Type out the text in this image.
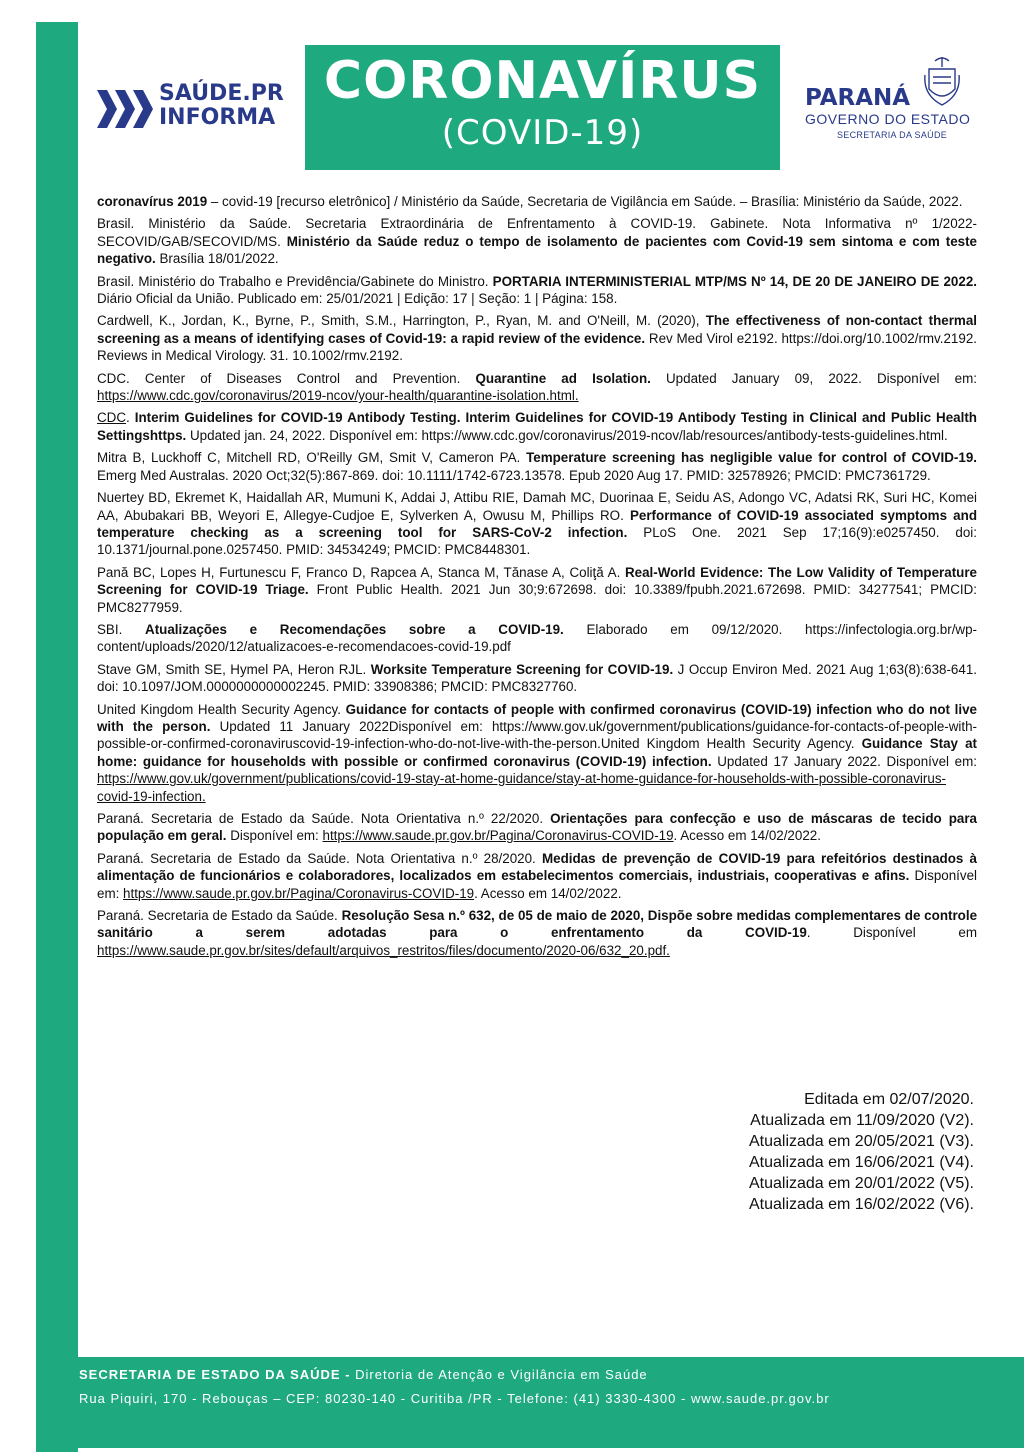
SAÚDE.PR
INFORMA
CORONAVÍRUS
(COVID-19)
PARANÁ
GOVERNO DO ESTADO
SECRETARIA DA SAÚDE

coronavírus 2019 – covid-19 [recurso eletrônico] / Ministério da Saúde, Secretaria de Vigilância em Saúde. – Brasília: Ministério da Saúde, 2022.

Brasil. Ministério da Saúde. Secretaria Extraordinária de Enfrentamento à COVID-19. Gabinete. Nota Informativa nº 1/2022-SECOVID/GAB/SECOVID/MS. Ministério da Saúde reduz o tempo de isolamento de pacientes com Covid-19 sem sintoma e com teste negativo. Brasília 18/01/2022.

Brasil. Ministério do Trabalho e Previdência/Gabinete do Ministro. PORTARIA INTERMINISTERIAL MTP/MS Nº 14, DE 20 DE JANEIRO DE 2022. Diário Oficial da União. Publicado em: 25/01/2021 | Edição: 17 | Seção: 1 | Página: 158.

Cardwell, K., Jordan, K., Byrne, P., Smith, S.M., Harrington, P., Ryan, M. and O'Neill, M. (2020), The effectiveness of non‐contact thermal screening as a means of identifying cases of Covid‐19: a rapid review of the evidence. Rev Med Virol e2192. https://doi.org/10.1002/rmv.2192. Reviews in Medical Virology. 31. 10.1002/rmv.2192.

CDC. Center of Diseases Control and Prevention. Quarantine ad Isolation. Updated January 09, 2022. Disponível em: https://www.cdc.gov/coronavirus/2019-ncov/your-health/quarantine-isolation.html.

CDC. Interim Guidelines for COVID-19 Antibody Testing. Interim Guidelines for COVID-19 Antibody Testing in Clinical and Public Health Settingshttps. Updated jan. 24, 2022. Disponível em: https://www.cdc.gov/coronavirus/2019-ncov/lab/resources/antibody-tests-guidelines.html.

Mitra B, Luckhoff C, Mitchell RD, O'Reilly GM, Smit V, Cameron PA. Temperature screening has negligible value for control of COVID-19. Emerg Med Australas. 2020 Oct;32(5):867-869. doi: 10.1111/1742-6723.13578. Epub 2020 Aug 17. PMID: 32578926; PMCID: PMC7361729.

Nuertey BD, Ekremet K, Haidallah AR, Mumuni K, Addai J, Attibu RIE, Damah MC, Duorinaa E, Seidu AS, Adongo VC, Adatsi RK, Suri HC, Komei AA, Abubakari BB, Weyori E, Allegye-Cudjoe E, Sylverken A, Owusu M, Phillips RO. Performance of COVID-19 associated symptoms and temperature checking as a screening tool for SARS-CoV-2 infection. PLoS One. 2021 Sep 17;16(9):e0257450. doi: 10.1371/journal.pone.0257450. PMID: 34534249; PMCID: PMC8448301.

Pană BC, Lopes H, Furtunescu F, Franco D, Rapcea A, Stanca M, Tănase A, Coliţă A. Real-World Evidence: The Low Validity of Temperature Screening for COVID-19 Triage. Front Public Health. 2021 Jun 30;9:672698. doi: 10.3389/fpubh.2021.672698. PMID: 34277541; PMCID: PMC8277959.

SBI. Atualizações e Recomendações sobre a COVID-19. Elaborado em 09/12/2020. https://infectologia.org.br/wp-content/uploads/2020/12/atualizacoes-e-recomendacoes-covid-19.pdf

Stave GM, Smith SE, Hymel PA, Heron RJL. Worksite Temperature Screening for COVID-19. J Occup Environ Med. 2021 Aug 1;63(8):638-641. doi: 10.1097/JOM.0000000000002245. PMID: 33908386; PMCID: PMC8327760.

United Kingdom Health Security Agency. Guidance for contacts of people with confirmed coronavirus (COVID-19) infection who do not live with the person. Updated 11 January 2022Disponível em: https://www.gov.uk/government/publications/guidance-for-contacts-of-people-with-possible-or-confirmed-coronaviruscovid-19-infection-who-do-not-live-with-the-person.United Kingdom Health Security Agency. Guidance Stay at home: guidance for households with possible or confirmed coronavirus (COVID-19) infection. Updated 17 January 2022. Disponível em: https://www.gov.uk/government/publications/covid-19-stay-at-home-guidance/stay-at-home-guidance-for-households-with-possible-coronavirus-covid-19-infection.

Paraná. Secretaria de Estado da Saúde. Nota Orientativa n.º 22/2020. Orientações para confecção e uso de máscaras de tecido para população em geral. Disponível em: https://www.saude.pr.gov.br/Pagina/Coronavirus-COVID-19. Acesso em 14/02/2022.

Paraná. Secretaria de Estado da Saúde. Nota Orientativa n.º 28/2020. Medidas de prevenção de COVID-19 para refeitórios destinados à alimentação de funcionários e colaboradores, localizados em estabelecimentos comerciais, industriais, cooperativas e afins. Disponível em: https://www.saude.pr.gov.br/Pagina/Coronavirus-COVID-19. Acesso em 14/02/2022.

Paraná. Secretaria de Estado da Saúde. Resolução Sesa n.º 632, de 05 de maio de 2020, Dispõe sobre medidas complementares de controle sanitário a serem adotadas para o enfrentamento da COVID-19. Disponível em https://www.saude.pr.gov.br/sites/default/arquivos_restritos/files/documento/2020-06/632_20.pdf.

Editada em 02/07/2020.
Atualizada em 11/09/2020 (V2).
Atualizada em 20/05/2021 (V3).
Atualizada em 16/06/2021 (V4).
Atualizada em 20/01/2022 (V5).
Atualizada em 16/02/2022 (V6).
SECRETARIA DE ESTADO DA SAÚDE - Diretoria de Atenção e Vigilância em Saúde
Rua Piquiri, 170 - Rebouças – CEP: 80230-140 - Curitiba /PR - Telefone: (41) 3330-4300 - www.saude.pr.gov.br
